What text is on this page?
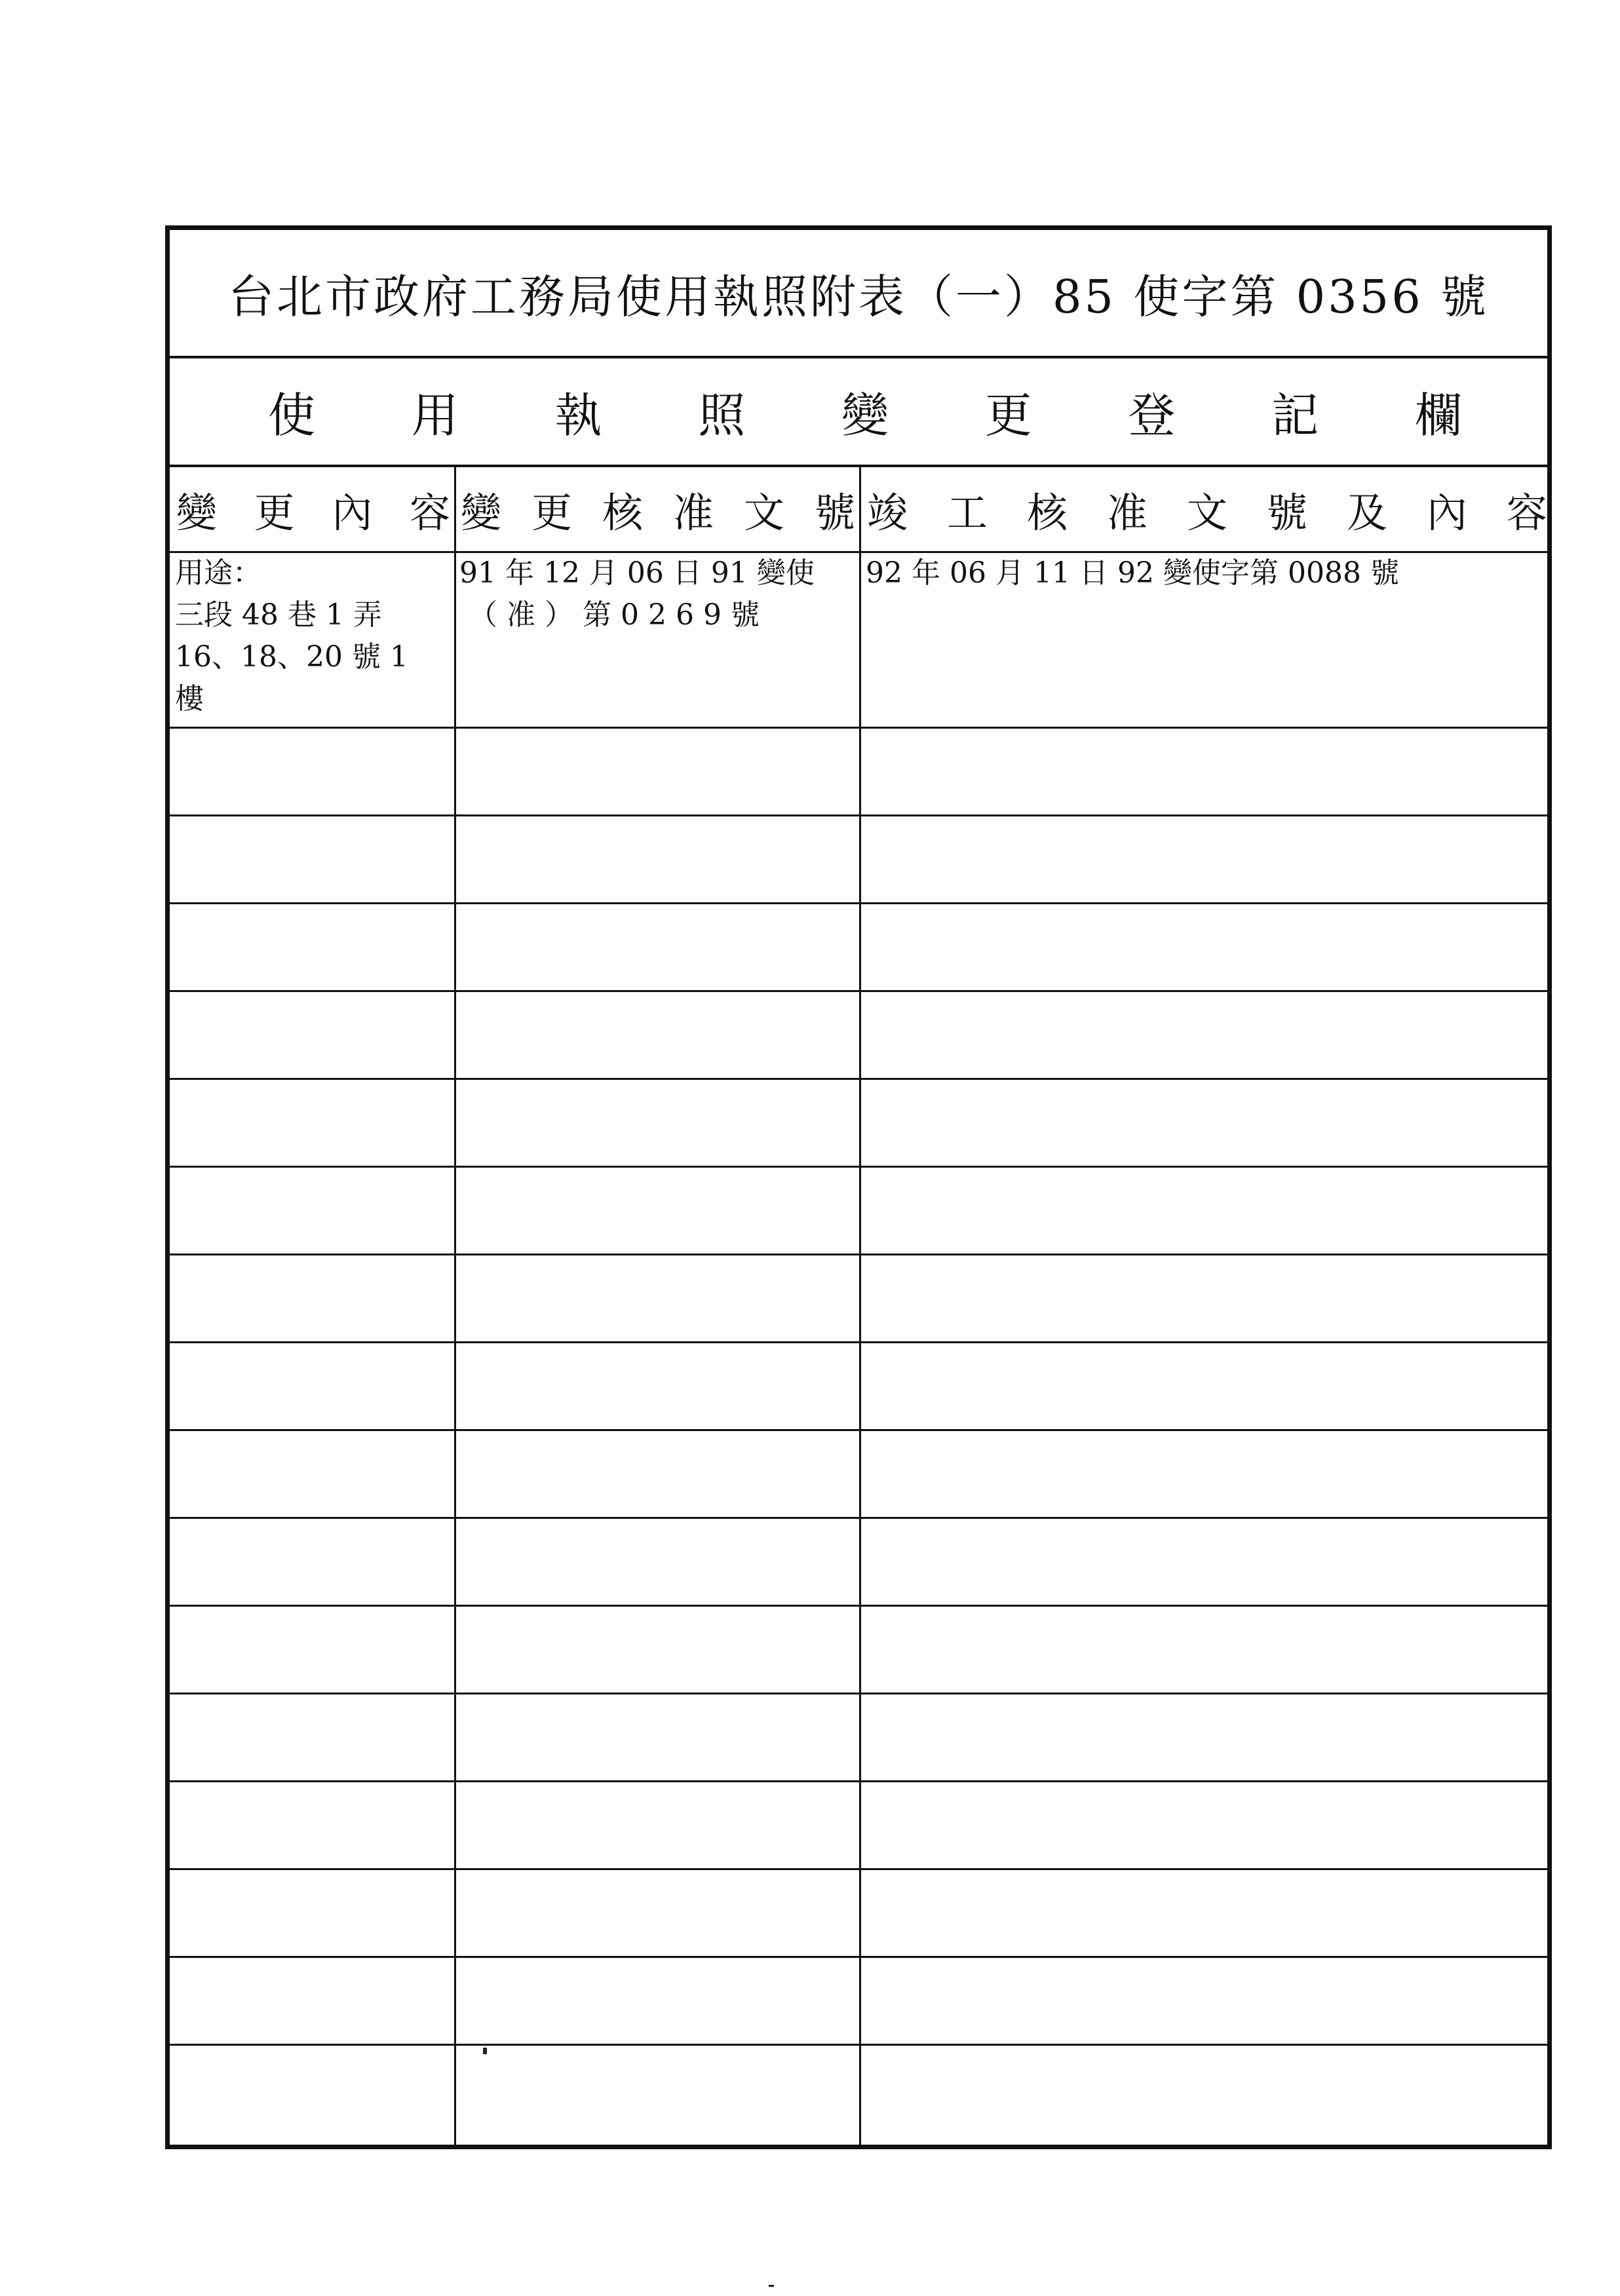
台北市政府工務局使用執照附表（一）85 使字第 0356 號
使 用 執 照 變 更 登 記 欄
變 更 內 容 變 更 核 准 文 號 竣 工 核 准 文 號 及 內 容
用途：
三段 48 巷 1 弄
16、18、20 號 1
樓
91 年 12 月 06 日 91 變使
（ 准 ） 第 0 2 6 9 號
92 年 06 月 11 日 92 變使字第 0088 號
